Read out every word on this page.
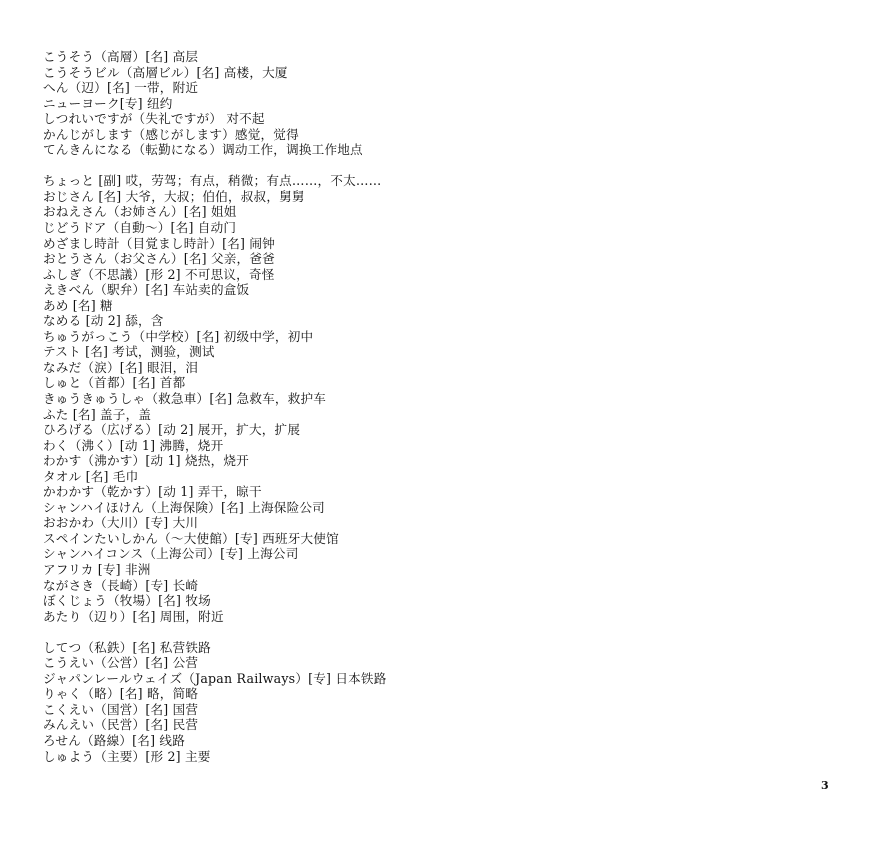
こうそう（高層）[名] 高层
こうそうビル（高層ビル）[名] 高楼，大厦
へん（辺）[名] 一带，附近
ニューヨーク[专] 纽约
しつれいですが（失礼ですが） 对不起
かんじがします（感じがします）感觉，觉得
てんきんになる（転勤になる）调动工作，调换工作地点
ちょっと [副] 哎，劳驾；有点，稍微；有点……，不太……
おじさん [名] 大爷，大叔；伯伯，叔叔，舅舅
おねえさん（お姉さん）[名] 姐姐
じどうドア（自動～）[名] 自动门
めざまし時計（目覚まし時計）[名] 闹钟
おとうさん（お父さん）[名] 父亲，爸爸
ふしぎ（不思議）[形 2] 不可思议，奇怪
えきべん（駅弁）[名] 车站卖的盒饭
あめ [名] 糖
なめる [动 2] 舔，含
ちゅうがっこう（中学校）[名] 初级中学，初中
テスト [名] 考试，测验，测试
なみだ（涙）[名] 眼泪，泪
しゅと（首都）[名] 首都
きゅうきゅうしゃ（救急車）[名] 急救车，救护车
ふた [名] 盖子，盖
ひろげる（広げる）[动 2] 展开，扩大，扩展
わく（沸く）[动 1] 沸腾，烧开
わかす（沸かす）[动 1] 烧热，烧开
タオル [名] 毛巾
かわかす（乾かす）[动 1] 弄干，晾干
シャンハイほけん（上海保険）[名] 上海保险公司
おおかわ（大川）[专] 大川
スペインたいしかん（～大使館）[专] 西班牙大使馆
シャンハイコンス（上海公司）[专] 上海公司
アフリカ [专] 非洲
ながさき（長崎）[专] 长崎
ぼくじょう（牧場）[名] 牧场
あたり（辺り）[名] 周围，附近
してつ（私鉄）[名] 私营铁路
こうえい（公営）[名] 公营
ジャパンレールウェイズ（Japan Railways）[专] 日本铁路
りゃく（略）[名] 略，简略
こくえい（国営）[名] 国营
みんえい（民営）[名] 民营
ろせん（路線）[名] 线路
しゅよう（主要）[形 2] 主要
3
